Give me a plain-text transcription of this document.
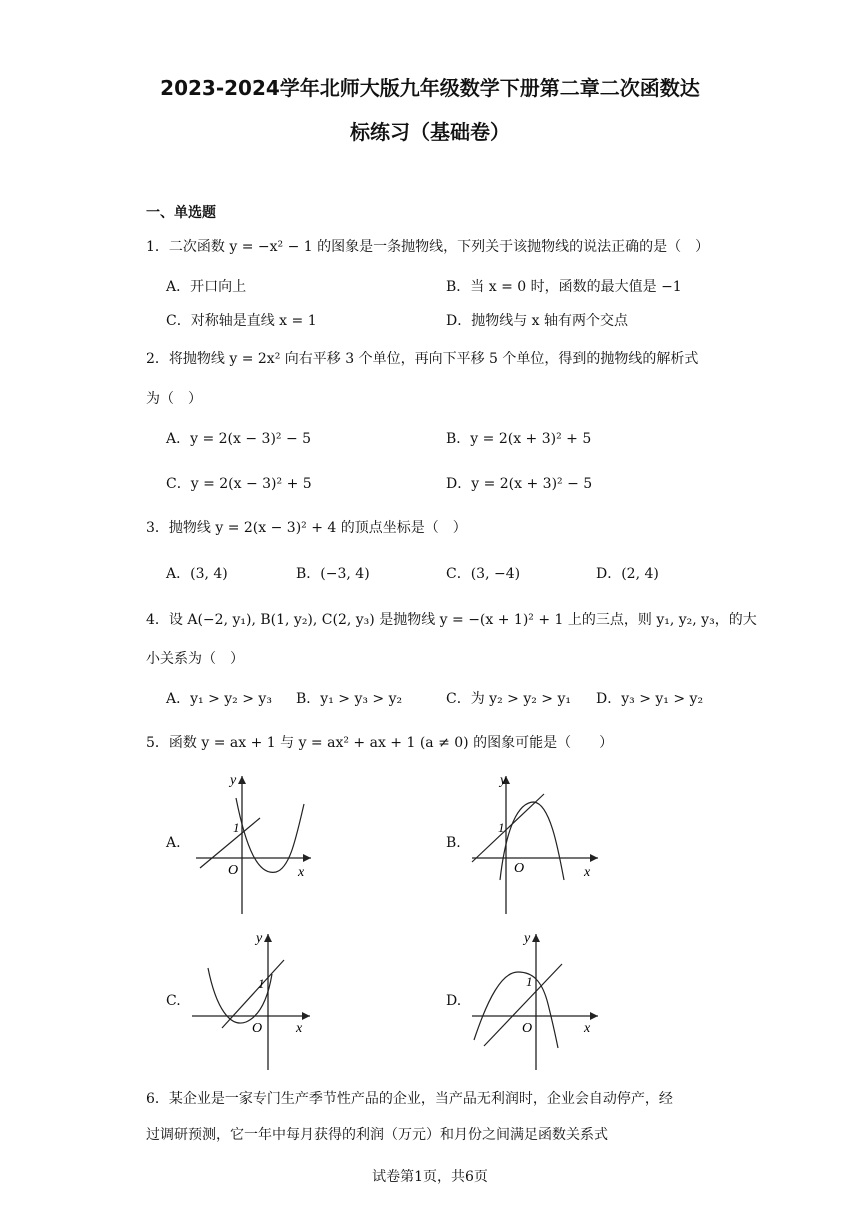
2023-2024学年北师大版九年级数学下册第二章二次函数达
标练习（基础卷）
一、单选题
1．二次函数 y = −x² − 1 的图象是一条抛物线，下列关于该抛物线的说法正确的是（　）
A．开口向上	B．当 x = 0 时，函数的最大值是 −1
C．对称轴是直线 x = 1	D．抛物线与 x 轴有两个交点
2．将抛物线 y = 2x² 向右平移 3 个单位，再向下平移 5 个单位，得到的抛物线的解析式
为（　）
A．y = 2(x − 3)² − 5	B．y = 2(x + 3)² + 5
C．y = 2(x − 3)² + 5	D．y = 2(x + 3)² − 5
3．抛物线 y = 2(x − 3)² + 4 的顶点坐标是（　）
A．(3, 4)	B．(−3, 4)	C．(3, −4)	D．(2, 4)
4．设 A(−2, y₁), B(1, y₂), C(2, y₃) 是抛物线 y = −(x + 1)² + 1 上的三点，则 y₁, y₂, y₃，的大
小关系为（　）
A．y₁ > y₂ > y₃ B．y₁ > y₃ > y₂	C．为 y₂ > y₂ > y₁ D．y₃ > y₁ > y₂
5．函数 y = ax + 1 与 y = ax² + ax + 1 (a ≠ 0) 的图象可能是（　　）
A.
y
x
O
1
B.
y
x
O
1
C.
y
x
O
1
D.
y
x
O
1
6．某企业是一家专门生产季节性产品的企业，当产品无利润时，企业会自动停产，经
过调研预测，它一年中每月获得的利润（万元）和月份之间满足函数关系式
试卷第1页，共6页
